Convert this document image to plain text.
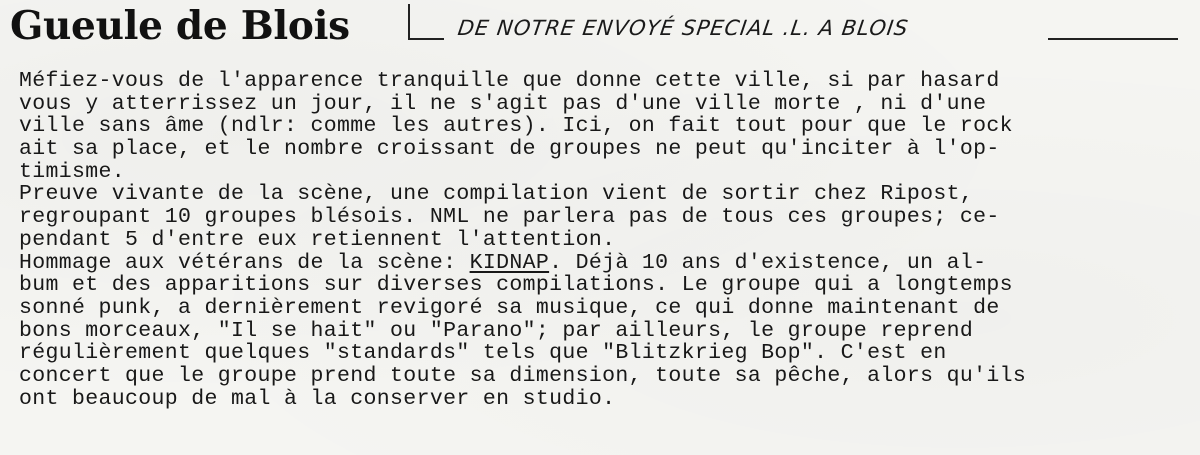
Gueule de Blois	DE NOTRE ENVOYÉ SPECIAL .L. A BLOIS
Méfiez-vous de l'apparence tranquille que donne cette ville, si par hasard
vous y atterrissez un jour, il ne s'agit pas d'une ville morte , ni d'une
ville sans âme (ndlr: comme les autres). Ici, on fait tout pour que le rock
ait sa place, et le nombre croissant de groupes ne peut qu'inciter à l'op-
timisme.
Preuve vivante de la scène, une compilation vient de sortir chez Ripost,
regroupant 10 groupes blésois. NML ne parlera pas de tous ces groupes; ce-
pendant 5 d'entre eux retiennent l'attention.
Hommage aux vétérans de la scène: KIDNAP. Déjà 10 ans d'existence, un al-
bum et des apparitions sur diverses compilations. Le groupe qui a longtemps
sonné punk, a dernièrement revigoré sa musique, ce qui donne maintenant de
bons morceaux, "Il se hait" ou "Parano"; par ailleurs, le groupe reprend
régulièrement quelques "standards" tels que "Blitzkrieg Bop". C'est en
concert que le groupe prend toute sa dimension, toute sa pêche, alors qu'ils
ont beaucoup de mal à la conserver en studio.
